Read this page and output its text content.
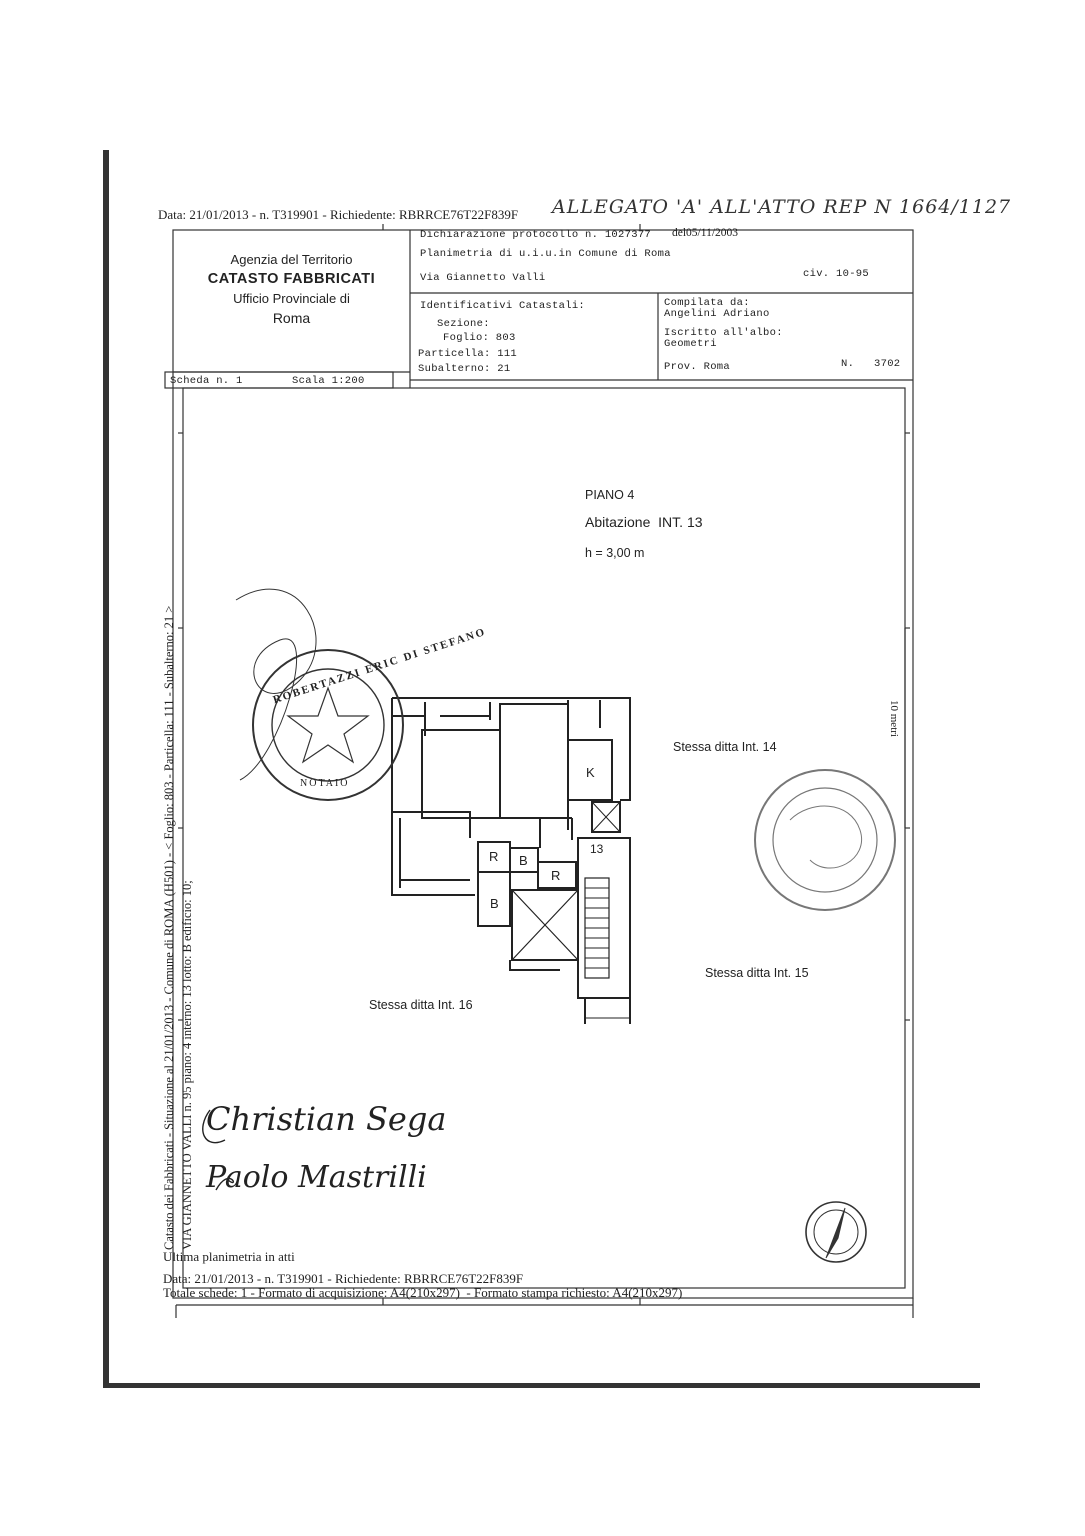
Data: 21/01/2013 - n. T319901 - Richiedente: RBRRCE76T22F839F ALLEGATO 'A' ALL'ATTO REP N 1664/1127
Agenzia del Territorio
CATASTO FABBRICATI
Ufficio Provinciale di
Roma
Dichiarazione protocollo n. 1027377 del05/11/2003
Planimetria di u.i.u.in Comune di Roma
Via Giannetto Valli	civ. 10-95
Identificativi Catastali:
Sezione:
Foglio: 803
Particella: 111
Subalterno: 21
Compilata da:
Angelini Adriano
Iscritto all'albo:
Geometri
Prov. Roma	N.   3702
Scheda n. 1	Scala 1:200
PIANO 4
Abitazione  INT. 13
h = 3,00 m
Stessa ditta Int. 14
Stessa ditta Int. 15
Stessa ditta Int. 16
10 metri
K
R B
R
B
13
Catasto dei Fabbricati - Situazione al 21/01/2013 - Comune di ROMA (H501) - < Foglio: 803 - Particella: 111 - Subalterno: 21 > VIA GIANNETTO VALLI n. 95 piano: 4 interno: 13 lotto: B edificio: 10;
ROBERTAZZI ERIC DI STEFANO
NOTAIO
Christian Sega
Paolo Mastrilli
Ultima planimetria in atti
Data: 21/01/2013 - n. T319901 - Richiedente: RBRRCE76T22F839F
Totale schede: 1 - Formato di acquisizione: A4(210x297)  - Formato stampa richiesto: A4(210x297)
